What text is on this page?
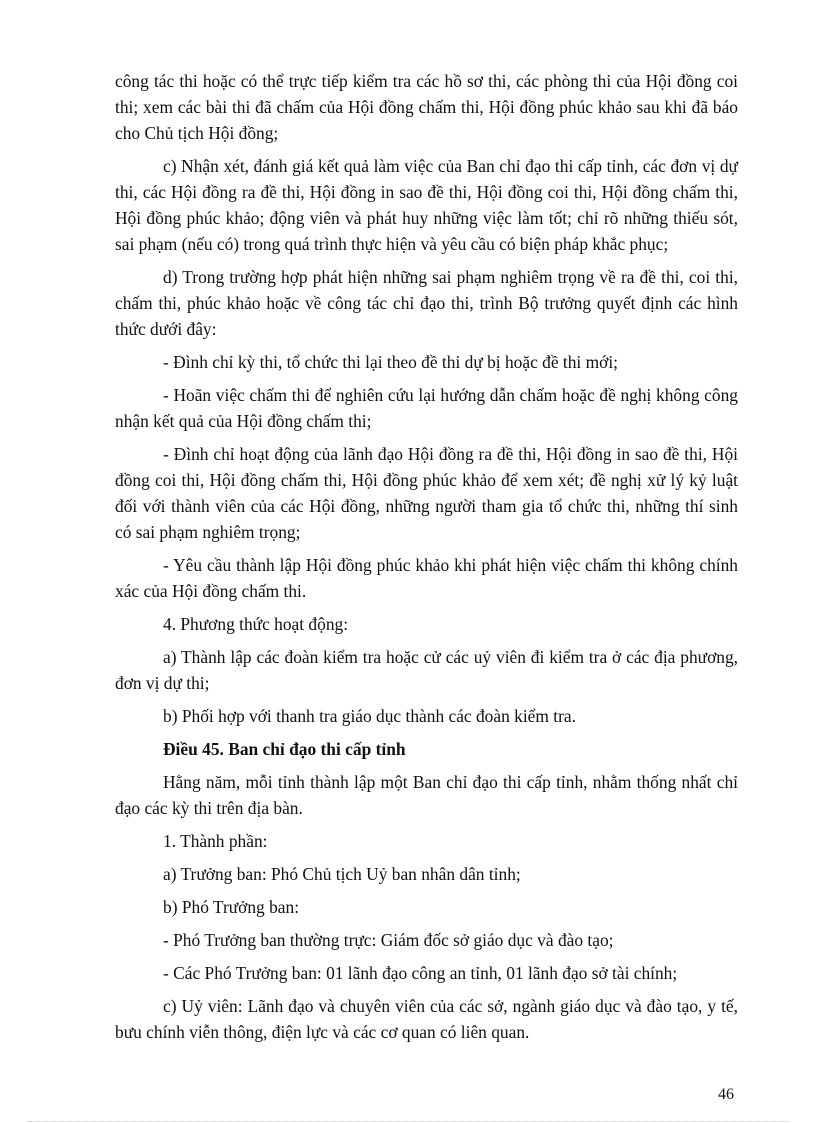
công tác thi hoặc có thể trực tiếp kiểm tra các hồ sơ thi, các phòng thi của Hội đồng coi thi; xem các bài thi đã chấm của Hội đồng chấm thi, Hội đồng phúc khảo sau khi đã báo cho Chủ tịch Hội đồng;

c) Nhận xét, đánh giá kết quả làm việc của Ban chỉ đạo thi cấp tỉnh, các đơn vị dự thi, các Hội đồng ra đề thi, Hội đồng in sao đề thi, Hội đồng coi thi, Hội đồng chấm thi, Hội đồng phúc khảo; động viên và phát huy những việc làm tốt; chỉ rõ những thiếu sót, sai phạm (nếu có) trong quá trình thực hiện và yêu cầu có biện pháp khắc phục;

d) Trong trường hợp phát hiện những sai phạm nghiêm trọng về ra đề thi, coi thi, chấm thi, phúc khảo hoặc về công tác chỉ đạo thi, trình Bộ trưởng quyết định các hình thức dưới đây:

- Đình chỉ kỳ thi, tổ chức thi lại theo đề thi dự bị hoặc đề thi mới;

- Hoãn việc chấm thi để nghiên cứu lại hướng dẫn chấm hoặc đề nghị không công nhận kết quả của Hội đồng chấm thi;

- Đình chỉ hoạt động của lãnh đạo Hội đồng ra đề thi, Hội đồng in sao đề thi, Hội đồng coi thi, Hội đồng chấm thi, Hội đồng phúc khảo để xem xét; đề nghị xử lý kỷ luật đối với thành viên của các Hội đồng, những người tham gia tổ chức thi, những thí sinh có sai phạm nghiêm trọng;

- Yêu cầu thành lập Hội đồng phúc khảo khi phát hiện việc chấm thi không chính xác của Hội đồng chấm thi.

4. Phương thức hoạt động:

a) Thành lập các đoàn kiểm tra hoặc cử các uỷ viên đi kiểm tra ở các địa phương, đơn vị dự thi;

b) Phối hợp với thanh tra giáo dục thành các đoàn kiểm tra.

Điều 45. Ban chỉ đạo thi cấp tỉnh

Hằng năm, mỗi tỉnh thành lập một Ban chỉ đạo thi cấp tỉnh, nhằm thống nhất chỉ đạo các kỳ thi trên địa bàn.

1. Thành phần:

a) Trưởng ban: Phó Chủ tịch Uỷ ban nhân dân tỉnh;

b) Phó Trưởng ban:

- Phó Trưởng ban thường trực: Giám đốc sở giáo dục và đào tạo;

- Các Phó Trưởng ban: 01 lãnh đạo công an tỉnh, 01 lãnh đạo sở tài chính;

c) Uỷ viên: Lãnh đạo và chuyên viên của các sở, ngành giáo dục và đào tạo, y tế, bưu chính viễn thông, điện lực và các cơ quan có liên quan.

46
